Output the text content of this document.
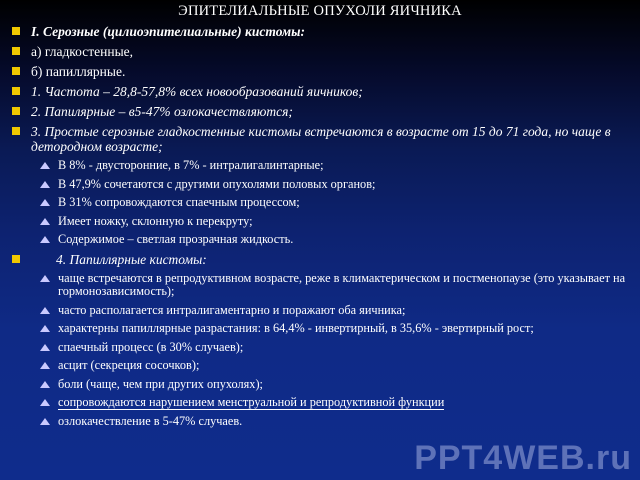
ЭПИТЕЛИАЛЬНЫЕ ОПУХОЛИ ЯИЧНИКА
I. Серозные (цилиоэпителиальные) кистомы:
а) гладкостенные,
б) папиллярные.
1. Частота – 28,8-57,8% всех новообразований яичников;
2. Папилярные – в5-47% озлокачествляются;
3. Простые серозные гладкостенные кистомы встречаются в возрасте от 15 до 71 года, но чаще в детородном возрасте;
В 8% - двусторонние, в 7% - интралигалинтарные;
В 47,9% сочетаются с другими опухолями половых органов;
В 31% сопровождаются спаечным процессом;
Имеет ножку, склонную к перекруту;
Содержимое – светлая прозрачная жидкость.
4. Папиллярные кистомы:
чаще встречаются в репродуктивном возрасте, реже в климактерическом и постменопаузе (это указывает на гормонозависимость);
часто располагается интралигаментарно и поражают оба яичника;
характерны папиллярные разрастания: в 64,4% - инвертирный, в 35,6% - эвертирный рост;
спаечный процесс (в 30% случаев);
асцит (секреция сосочков);
боли (чаще, чем при других опухолях);
сопровождаются нарушением менструальной и репродуктивной функции
озлокачествление в 5-47% случаев.
PPT4WEB.ru
